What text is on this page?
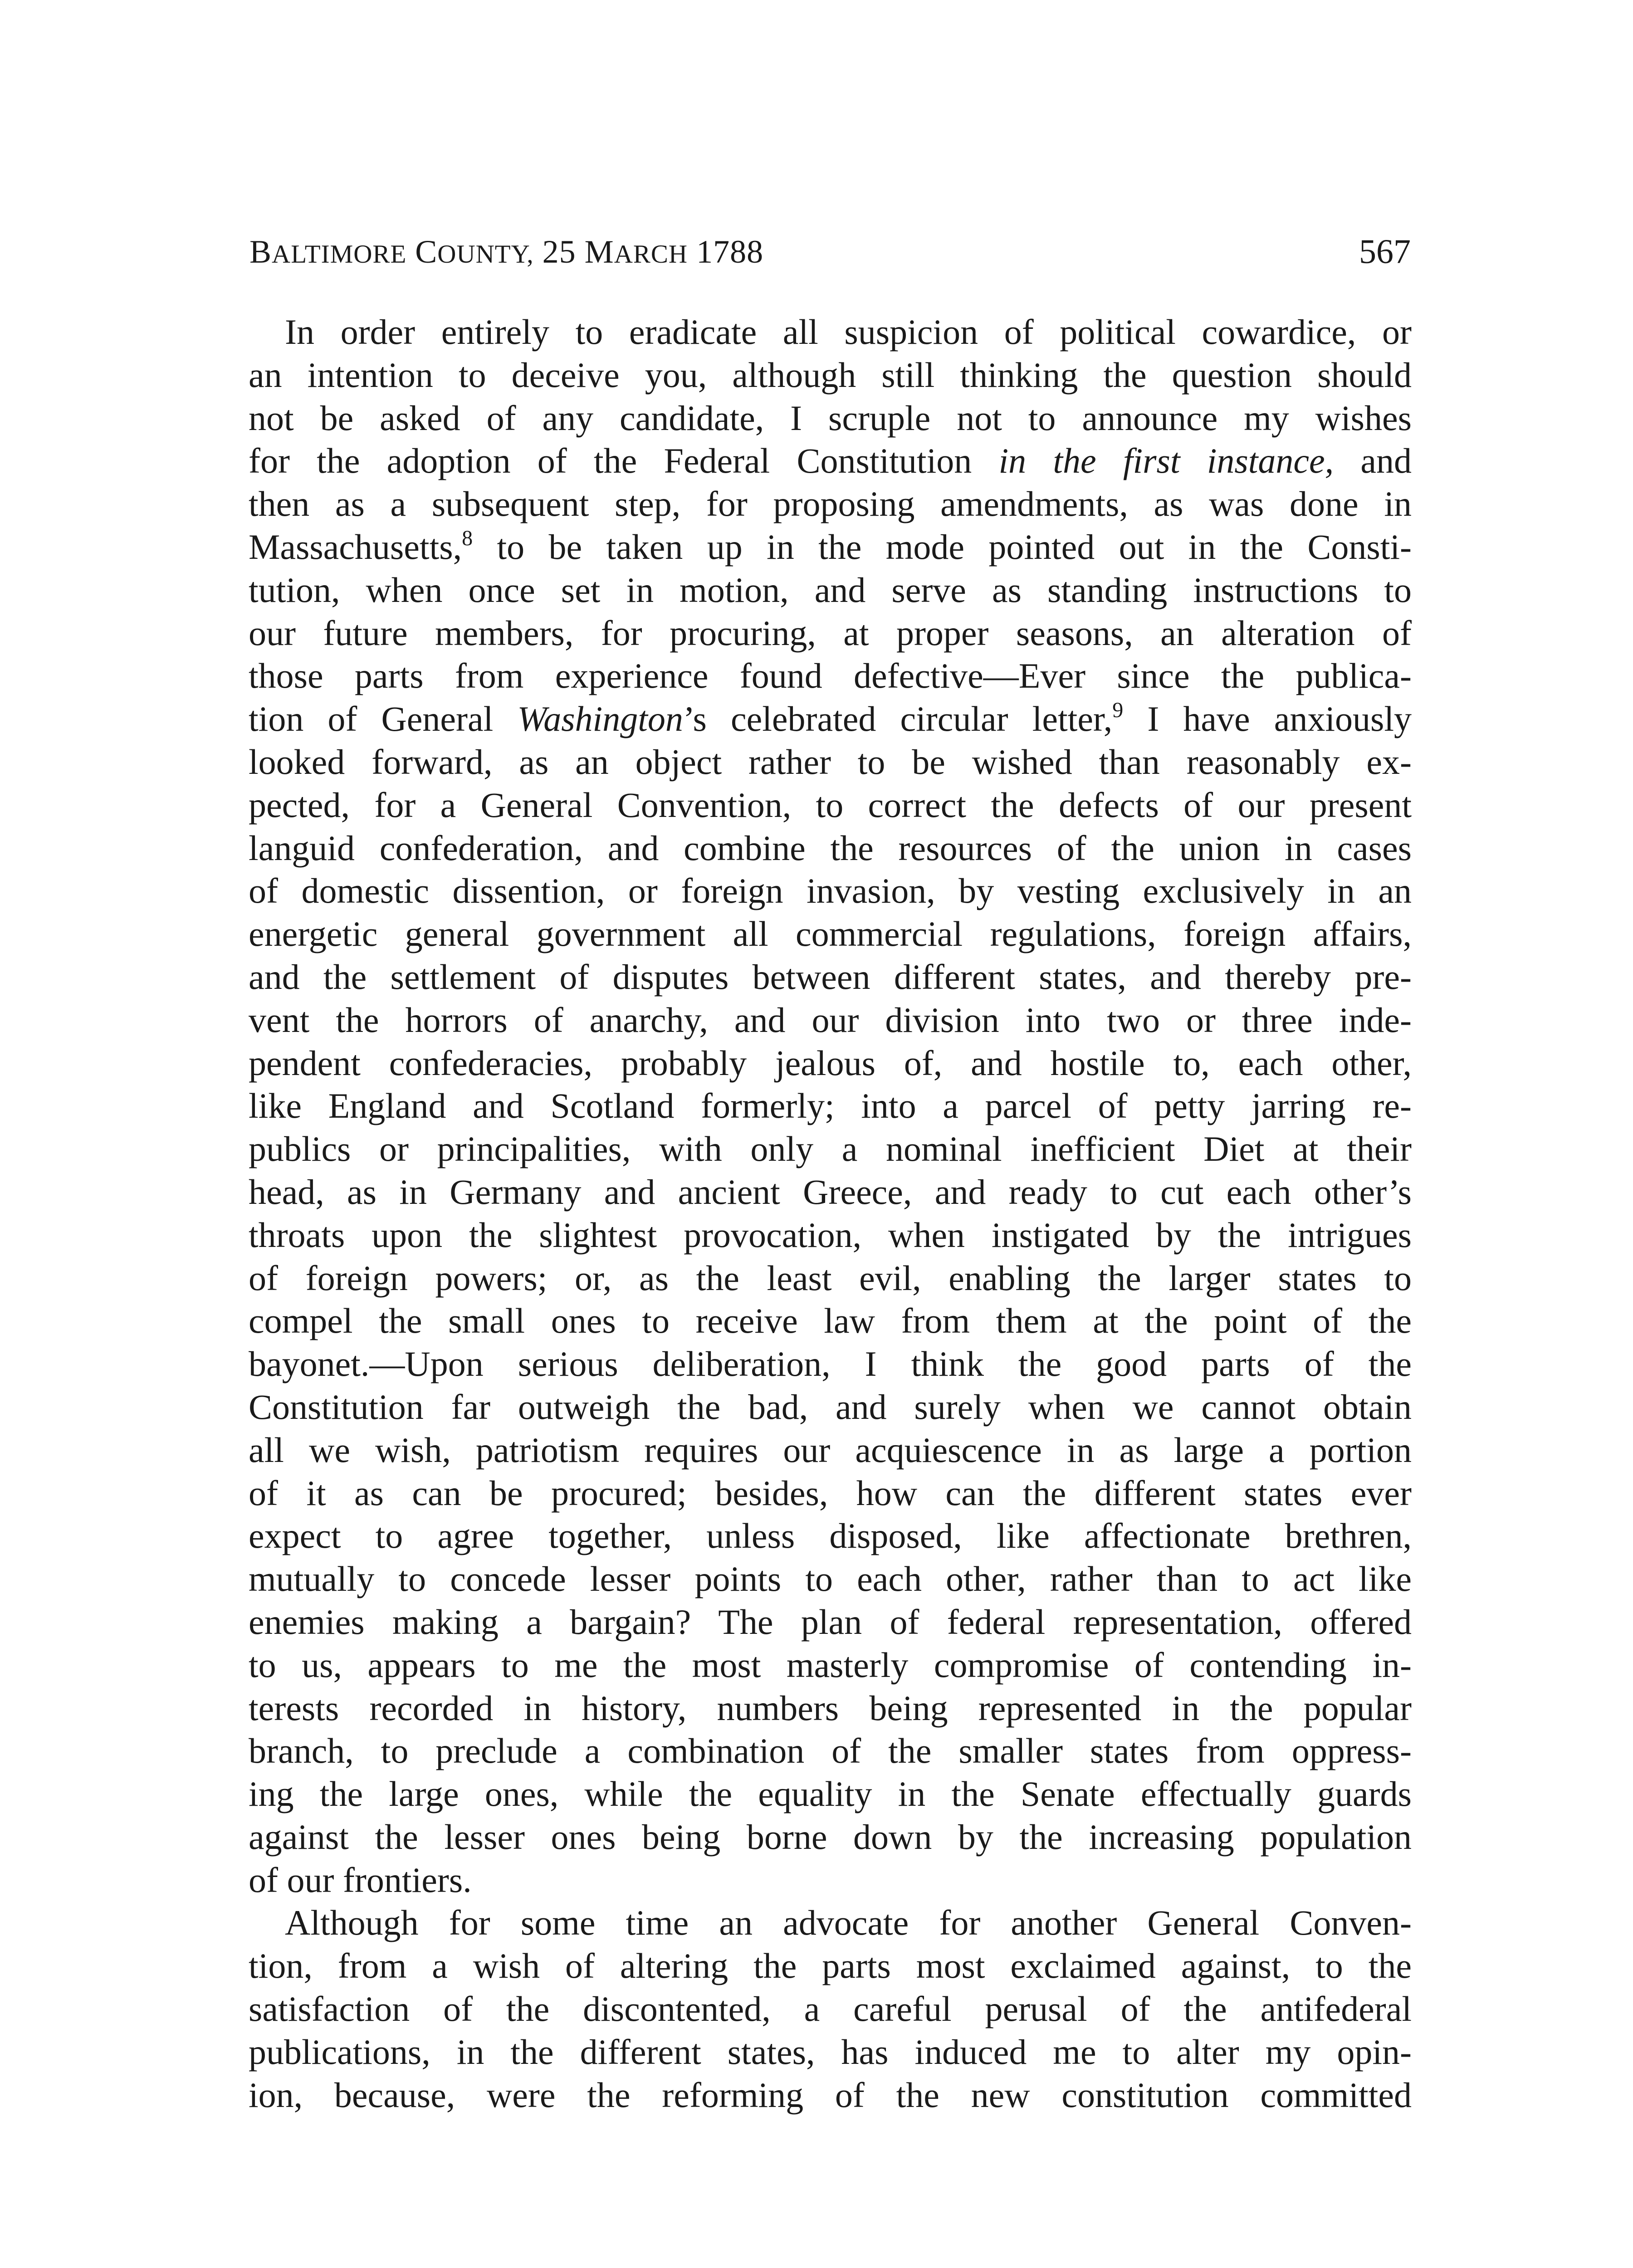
BALTIMORE COUNTY, 25 MARCH 1788	567
In order entirely to eradicate all suspicion of political cowardice, or
an intention to deceive you, although still thinking the question should
not be asked of any candidate, I scruple not to announce my wishes
for the adoption of the Federal Constitution in the first instance, and
then as a subsequent step, for proposing amendments, as was done in
Massachusetts,$^8$ to be taken up in the mode pointed out in the Consti-
tution, when once set in motion, and serve as standing instructions to
our future members, for procuring, at proper seasons, an alteration of
those parts from experience found defective—Ever since the publica-
tion of General Washington’s celebrated circular letter,$^9$ I have anxiously
looked forward, as an object rather to be wished than reasonably ex-
pected, for a General Convention, to correct the defects of our present
languid confederation, and combine the resources of the union in cases
of domestic dissention, or foreign invasion, by vesting exclusively in an
energetic general government all commercial regulations, foreign affairs,
and the settlement of disputes between different states, and thereby pre-
vent the horrors of anarchy, and our division into two or three inde-
pendent confederacies, probably jealous of, and hostile to, each other,
like England and Scotland formerly; into a parcel of petty jarring re-
publics or principalities, with only a nominal inefficient Diet at their
head, as in Germany and ancient Greece, and ready to cut each other’s
throats upon the slightest provocation, when instigated by the intrigues
of foreign powers; or, as the least evil, enabling the larger states to
compel the small ones to receive law from them at the point of the
bayonet.—Upon serious deliberation, I think the good parts of the
Constitution far outweigh the bad, and surely when we cannot obtain
all we wish, patriotism requires our acquiescence in as large a portion
of it as can be procured; besides, how can the different states ever
expect to agree together, unless disposed, like affectionate brethren,
mutually to concede lesser points to each other, rather than to act like
enemies making a bargain? The plan of federal representation, offered
to us, appears to me the most masterly compromise of contending in-
terests recorded in history, numbers being represented in the popular
branch, to preclude a combination of the smaller states from oppress-
ing the large ones, while the equality in the Senate effectually guards
against the lesser ones being borne down by the increasing population
of our frontiers.
Although for some time an advocate for another General Conven-
tion, from a wish of altering the parts most exclaimed against, to the
satisfaction of the discontented, a careful perusal of the antifederal
publications, in the different states, has induced me to alter my opin-
ion, because, were the reforming of the new constitution committed
